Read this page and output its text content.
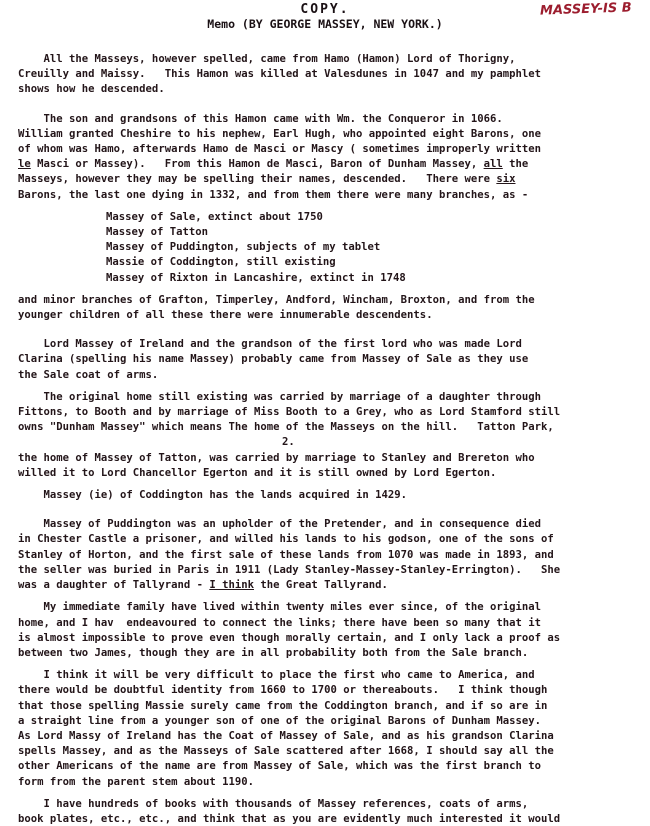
MASSEY-IS B
COPY.
Memo (BY GEORGE MASSEY, NEW YORK.)
All the Masseys, however spelled, came from Hamo (Hamon) Lord of Thorigny,
Creuilly and Maissy.   This Hamon was killed at Valesdunes in 1047 and my pamphlet
shows how he descended.
The son and grandsons of this Hamon came with Wm. the Conqueror in 1066.
William granted Cheshire to his nephew, Earl Hugh, who appointed eight Barons, one
of whom was Hamo, afterwards Hamo de Masci or Mascy ( sometimes improperly written
le Masci or Massey).   From this Hamon de Masci, Baron of Dunham Massey, all the
Masseys, however they may be spelling their names, descended.   There were six
Barons, the last one dying in 1332, and from them there were many branches, as -
Massey of Sale, extinct about 1750
Massey of Tatton
Massey of Puddington, subjects of my tablet
Massie of Coddington, still existing
Massey of Rixton in Lancashire, extinct in 1748
and minor branches of Grafton, Timperley, Andford, Wincham, Broxton, and from the
younger children of all these there were innumerable descendents.
Lord Massey of Ireland and the grandson of the first lord who was made Lord
Clarina (spelling his name Massey) probably came from Massey of Sale as they use
the Sale coat of arms.
The original home still existing was carried by marriage of a daughter through
Fittons, to Booth and by marriage of Miss Booth to a Grey, who as Lord Stamford still
owns "Dunham Massey" which means The home of the Masseys on the hill.   Tatton Park,
2.
the home of Massey of Tatton, was carried by marriage to Stanley and Brereton who
willed it to Lord Chancellor Egerton and it is still owned by Lord Egerton.
Massey (ie) of Coddington has the lands acquired in 1429.
Massey of Puddington was an upholder of the Pretender, and in consequence died
in Chester Castle a prisoner, and willed his lands to his godson, one of the sons of
Stanley of Horton, and the first sale of these lands from 1070 was made in 1893, and
the seller was buried in Paris in 1911 (Lady Stanley-Massey-Stanley-Errington).   She
was a daughter of Tallyrand - I think the Great Tallyrand.
My immediate family have lived within twenty miles ever since, of the original
home, and I hav  endeavoured to connect the links; there have been so many that it
is almost impossible to prove even though morally certain, and I only lack a proof as
between two James, though they are in all probability both from the Sale branch.
I think it will be very difficult to place the first who came to America, and
there would be doubtful identity from 1660 to 1700 or thereabouts.   I think though
that those spelling Massie surely came from the Coddington branch, and if so are in
a straight line from a younger son of one of the original Barons of Dunham Massey.
As Lord Massy of Ireland has the Coat of Massey of Sale, and as his grandson Clarina
spells Massey, and as the Masseys of Sale scattered after 1668, I should say all the
other Americans of the name are from Massey of Sale, which was the first branch to
form from the parent stem about 1190.
I have hundreds of books with thousands of Massey references, coats of arms,
book plates, etc., etc., and think that as you are evidently much interested it would
